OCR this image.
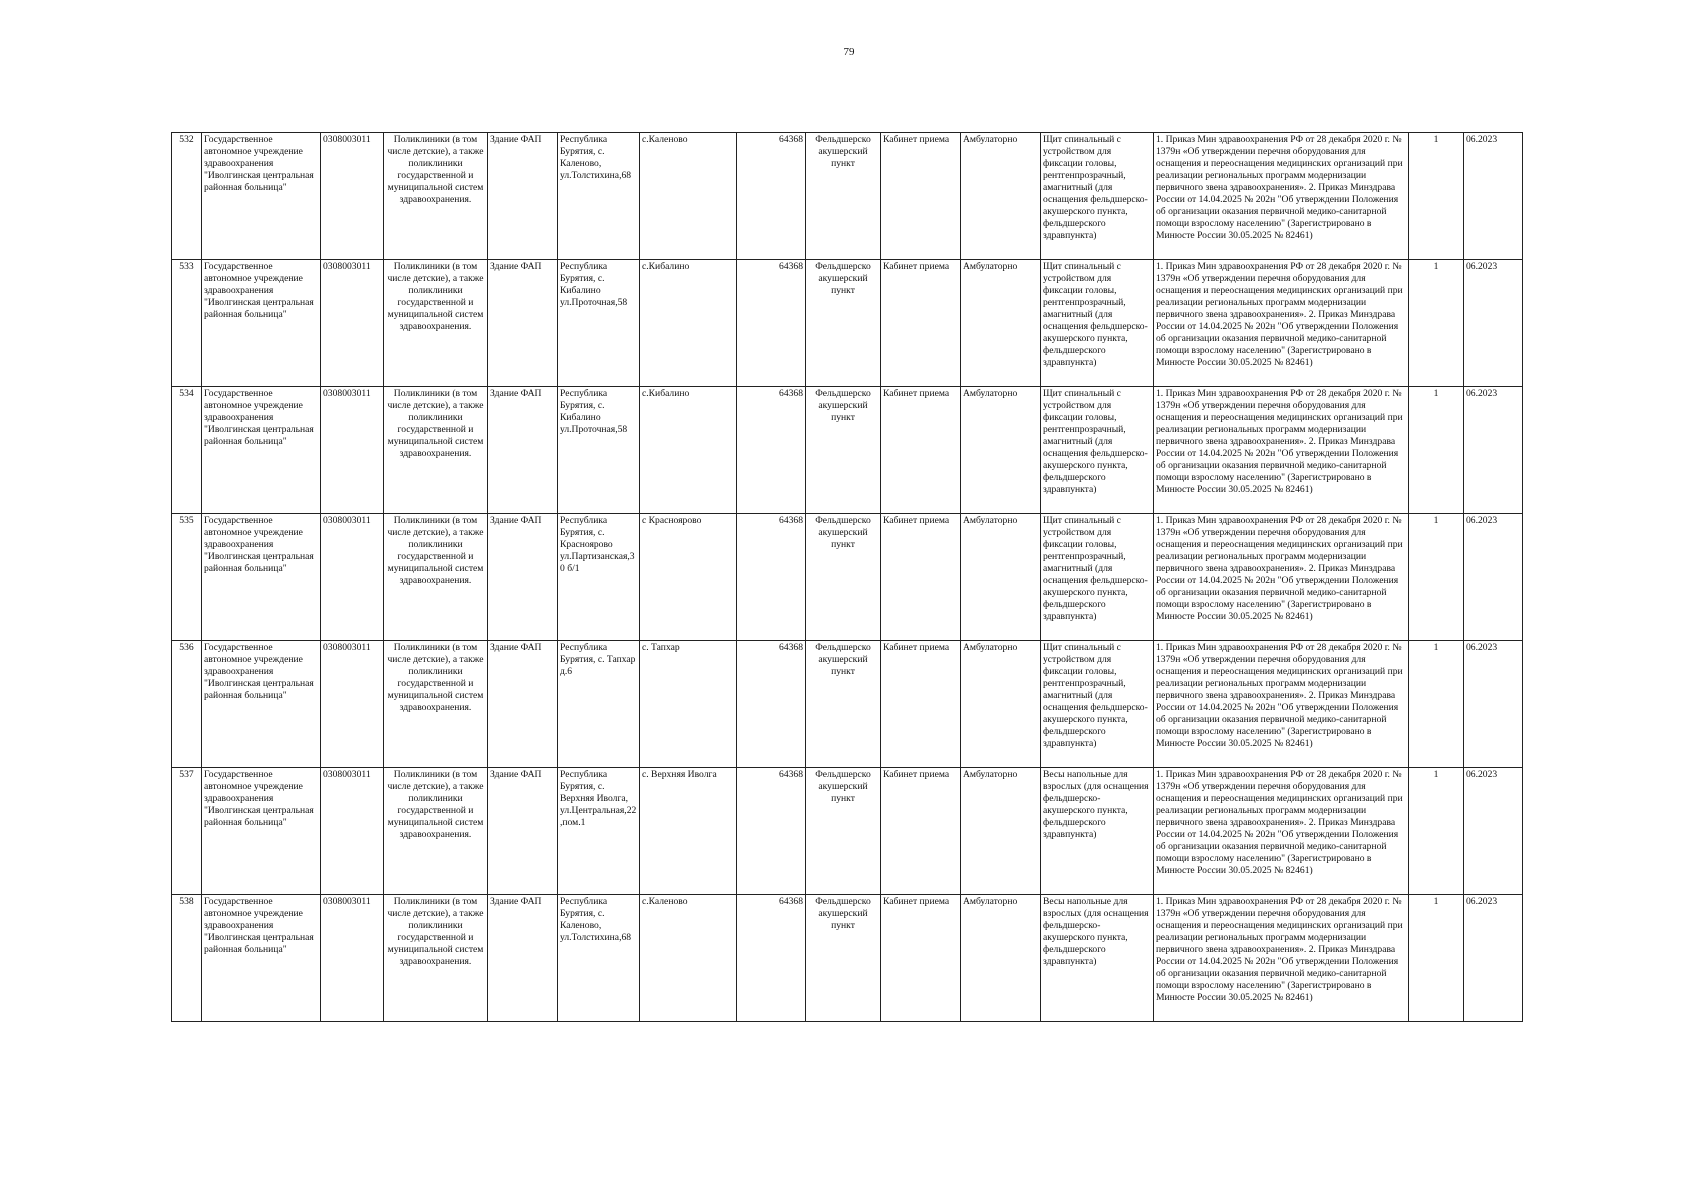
79
532	Государственное автономное учреждение здравоохранения "Иволгинская центральная районная больница"	0308003011	Поликлиники (в том числе детские), а также поликлиники государственной и муниципальной систем здравоохранения.	Здание ФАП	Республика Бурятия, с. Каленово, ул.Толстихина,68	с.Каленово	64368	Фельдшерско акушерский пункт	Кабинет приема	Амбулаторно	Щит спинальный с устройством для фиксации головы, рентгенпрозрачный, амагнитный (для оснащения фельдшерско-акушерского пункта, фельдшерского здравпункта)	1. Приказ Мин здравоохранения РФ от 28 декабря 2020 г. № 1379н «Об утверждении перечня оборудования для оснащения и переоснащения медицинских организаций при реализации региональных программ модернизации первичного звена здравоохранения». 2. Приказ Минздрава России от 14.04.2025 № 202н "Об утверждении Положения об организации оказания первичной медико-санитарной помощи взрослому населению" (Зарегистрировано в Минюсте России 30.05.2025 № 82461)	1	06.2023
533	Государственное автономное учреждение здравоохранения "Иволгинская центральная районная больница"	0308003011	Поликлиники (в том числе детские), а также поликлиники государственной и муниципальной систем здравоохранения.	Здание ФАП	Республика Бурятия, с. Кибалино ул.Проточная,58	с.Кибалино	64368	Фельдшерско акушерский пункт	Кабинет приема	Амбулаторно	Щит спинальный с устройством для фиксации головы, рентгенпрозрачный, амагнитный (для оснащения фельдшерско-акушерского пункта, фельдшерского здравпункта)	1. Приказ Мин здравоохранения РФ от 28 декабря 2020 г. № 1379н «Об утверждении перечня оборудования для оснащения и переоснащения медицинских организаций при реализации региональных программ модернизации первичного звена здравоохранения». 2. Приказ Минздрава России от 14.04.2025 № 202н "Об утверждении Положения об организации оказания первичной медико-санитарной помощи взрослому населению" (Зарегистрировано в Минюсте России 30.05.2025 № 82461)	1	06.2023
534	Государственное автономное учреждение здравоохранения "Иволгинская центральная районная больница"	0308003011	Поликлиники (в том числе детские), а также поликлиники государственной и муниципальной систем здравоохранения.	Здание ФАП	Республика Бурятия, с. Кибалино ул.Проточная,58	с.Кибалино	64368	Фельдшерско акушерский пункт	Кабинет приема	Амбулаторно	Щит спинальный с устройством для фиксации головы, рентгенпрозрачный, амагнитный (для оснащения фельдшерско-акушерского пункта, фельдшерского здравпункта)	1. Приказ Мин здравоохранения РФ от 28 декабря 2020 г. № 1379н «Об утверждении перечня оборудования для оснащения и переоснащения медицинских организаций при реализации региональных программ модернизации первичного звена здравоохранения». 2. Приказ Минздрава России от 14.04.2025 № 202н "Об утверждении Положения об организации оказания первичной медико-санитарной помощи взрослому населению" (Зарегистрировано в Минюсте России 30.05.2025 № 82461)	1	06.2023
535	Государственное автономное учреждение здравоохранения "Иволгинская центральная районная больница"	0308003011	Поликлиники (в том числе детские), а также поликлиники государственной и муниципальной систем здравоохранения.	Здание ФАП	Республика Бурятия, с. Красноярово ул.Партизанская,30 б/1	с Красноярово	64368	Фельдшерско акушерский пункт	Кабинет приема	Амбулаторно	Щит спинальный с устройством для фиксации головы, рентгенпрозрачный, амагнитный (для оснащения фельдшерско-акушерского пункта, фельдшерского здравпункта)	1. Приказ Мин здравоохранения РФ от 28 декабря 2020 г. № 1379н «Об утверждении перечня оборудования для оснащения и переоснащения медицинских организаций при реализации региональных программ модернизации первичного звена здравоохранения». 2. Приказ Минздрава России от 14.04.2025 № 202н "Об утверждении Положения об организации оказания первичной медико-санитарной помощи взрослому населению" (Зарегистрировано в Минюсте России 30.05.2025 № 82461)	1	06.2023
536	Государственное автономное учреждение здравоохранения "Иволгинская центральная районная больница"	0308003011	Поликлиники (в том числе детские), а также поликлиники государственной и муниципальной систем здравоохранения.	Здание ФАП	Республика Бурятия, с. Тапхар д.6	с. Тапхар	64368	Фельдшерско акушерский пункт	Кабинет приема	Амбулаторно	Щит спинальный с устройством для фиксации головы, рентгенпрозрачный, амагнитный (для оснащения фельдшерско-акушерского пункта, фельдшерского здравпункта)	1. Приказ Мин здравоохранения РФ от 28 декабря 2020 г. № 1379н «Об утверждении перечня оборудования для оснащения и переоснащения медицинских организаций при реализации региональных программ модернизации первичного звена здравоохранения». 2. Приказ Минздрава России от 14.04.2025 № 202н "Об утверждении Положения об организации оказания первичной медико-санитарной помощи взрослому населению" (Зарегистрировано в Минюсте России 30.05.2025 № 82461)	1	06.2023
537	Государственное автономное учреждение здравоохранения "Иволгинская центральная районная больница"	0308003011	Поликлиники (в том числе детские), а также поликлиники государственной и муниципальной систем здравоохранения.	Здание ФАП	Республика Бурятия, с. Верхняя Иволга, ул.Центральная,22 ,пом.1	с. Верхняя Иволга	64368	Фельдшерско акушерский пункт	Кабинет приема	Амбулаторно	Весы напольные для взрослых (для оснащения фельдшерско-акушерского пункта, фельдшерского здравпункта)	1. Приказ Мин здравоохранения РФ от 28 декабря 2020 г. № 1379н «Об утверждении перечня оборудования для оснащения и переоснащения медицинских организаций при реализации региональных программ модернизации первичного звена здравоохранения». 2. Приказ Минздрава России от 14.04.2025 № 202н "Об утверждении Положения об организации оказания первичной медико-санитарной помощи взрослому населению" (Зарегистрировано в Минюсте России 30.05.2025 № 82461)	1	06.2023
538	Государственное автономное учреждение здравоохранения "Иволгинская центральная районная больница"	0308003011	Поликлиники (в том числе детские), а также поликлиники государственной и муниципальной систем здравоохранения.	Здание ФАП	Республика Бурятия, с. Каленово, ул.Толстихина,68	с.Каленово	64368	Фельдшерско акушерский пункт	Кабинет приема	Амбулаторно	Весы напольные для взрослых (для оснащения фельдшерско-акушерского пункта, фельдшерского здравпункта)	1. Приказ Мин здравоохранения РФ от 28 декабря 2020 г. № 1379н «Об утверждении перечня оборудования для оснащения и переоснащения медицинских организаций при реализации региональных программ модернизации первичного звена здравоохранения». 2. Приказ Минздрава России от 14.04.2025 № 202н "Об утверждении Положения об организации оказания первичной медико-санитарной помощи взрослому населению" (Зарегистрировано в Минюсте России 30.05.2025 № 82461)	1	06.2023
